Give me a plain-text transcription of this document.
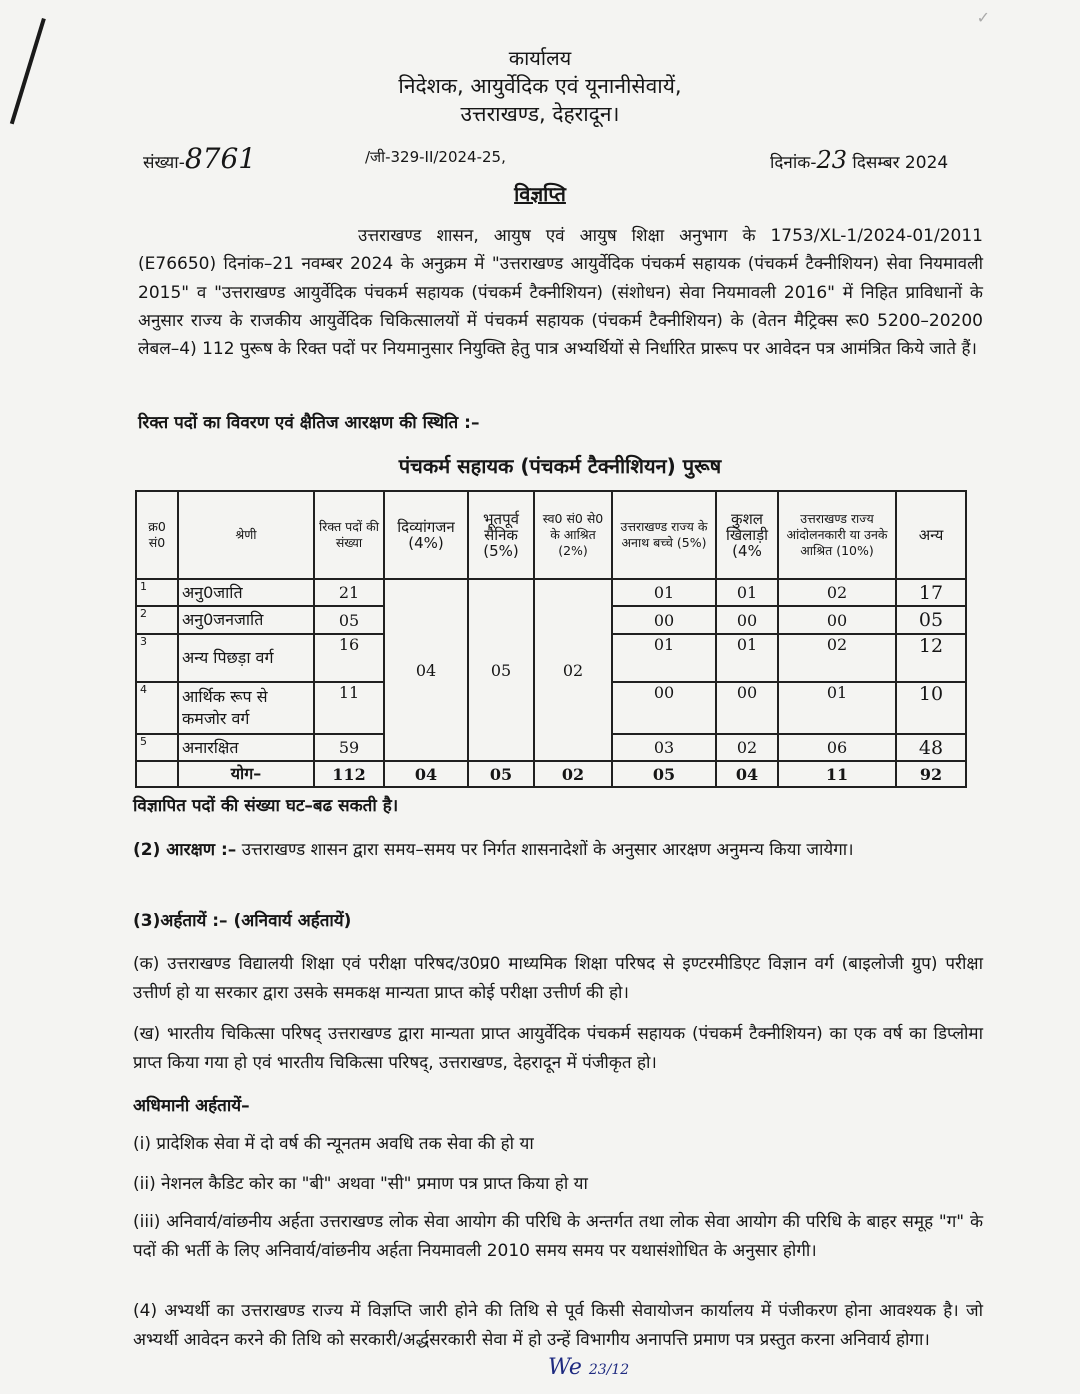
✓
कार्यालय
निदेशक, आयुर्वेदिक एवं यूनानीसेवायें,
उत्तराखण्ड, देहरादून।
संख्या-8761	/जी-329-II/2024-25,	दिनांक-23 दिसम्बर 2024
विज्ञप्ति
उत्तराखण्ड शासन, आयुष एवं आयुष शिक्षा अनुभाग के 1753/XL-1/2024-01/2011 (E76650) दिनांक–21 नवम्बर 2024 के अनुक्रम में "उत्तराखण्ड आयुर्वेदिक पंचकर्म सहायक (पंचकर्म टैक्नीशियन) सेवा नियमावली 2015" व "उत्तराखण्ड आयुर्वेदिक पंचकर्म सहायक (पंचकर्म टैक्नीशियन) (संशोधन) सेवा नियमावली 2016" में निहित प्राविधानों के अनुसार राज्य के राजकीय आयुर्वेदिक चिकित्सालयों में पंचकर्म सहायक (पंचकर्म टैक्नीशियन) के (वेतन मैट्रिक्स रू0 5200–20200 लेबल–4) 112 पुरूष के रिक्त पदों पर नियमानुसार नियुक्ति हेतु पात्र अभ्यर्थियों से निर्धारित प्रारूप पर आवेदन पत्र आमंत्रित किये जाते हैं।
रिक्त पदों का विवरण एवं क्षैतिज आरक्षण की स्थिति :–
पंचकर्म सहायक (पंचकर्म टैक्नीशियन) पुरूष
क्र0 सं0	श्रेणी	रिक्त पदों की संख्या	दिव्यांगजन (4%)	भूतपूर्व सैनिक (5%)	स्व0 सं0 से0 के आश्रित (2%)	उत्तराखण्ड राज्य के अनाथ बच्चे (5%)	कुशल खिलाड़ी (4%	उत्तराखण्ड राज्य आंदोलनकारी या उनके आश्रित (10%)	अन्य
1	अनु0जाति	21	04	05	02	01	01	02	17
2	अनु0जनजाति	05				00	00	00	05
3	अन्य पिछड़ा वर्ग	16				01	01	02	12
4	आर्थिक रूप से कमजोर वर्ग	11				00	00	01	10
5	अनारक्षित	59				03	02	06	48
	योग–	112	04	05	02	05	04	11	92
विज्ञापित पदों की संख्या घट–बढ सकती है।
(2) आरक्षण :– उत्तराखण्ड शासन द्वारा समय–समय पर निर्गत शासनादेशों के अनुसार आरक्षण अनुमन्य किया जायेगा।
(3)अर्हतायें :– (अनिवार्य अर्हतायें)
(क) उत्तराखण्ड विद्यालयी शिक्षा एवं परीक्षा परिषद/उ0प्र0 माध्यमिक शिक्षा परिषद से इण्टरमीडिएट विज्ञान वर्ग (बाइलोजी ग्रुप) परीक्षा उत्तीर्ण हो या सरकार द्वारा उसके समकक्ष मान्यता प्राप्त कोई परीक्षा उत्तीर्ण की हो।
(ख) भारतीय चिकित्सा परिषद् उत्तराखण्ड द्वारा मान्यता प्राप्त आयुर्वेदिक पंचकर्म सहायक (पंचकर्म टैक्नीशियन) का एक वर्ष का डिप्लोमा प्राप्त किया गया हो एवं भारतीय चिकित्सा परिषद्, उत्तराखण्ड, देहरादून में पंजीकृत हो।
अधिमानी अर्हतायें–
(i) प्रादेशिक सेवा में दो वर्ष की न्यूनतम अवधि तक सेवा की हो या
(ii) नेशनल कैडिट कोर का "बी" अथवा "सी" प्रमाण पत्र प्राप्त किया हो या
(iii) अनिवार्य/वांछनीय अर्हता उत्तराखण्ड लोक सेवा आयोग की परिधि के अन्तर्गत तथा लोक सेवा आयोग की परिधि के बाहर समूह "ग" के पदों की भर्ती के लिए अनिवार्य/वांछनीय अर्हता नियमावली 2010 समय समय पर यथासंशोधित के अनुसार होगी।
(4) अभ्यर्थी का उत्तराखण्ड राज्य में विज्ञप्ति जारी होने की तिथि से पूर्व किसी सेवायोजन कार्यालय में पंजीकरण होना आवश्यक है। जो अभ्यर्थी आवेदन करने की तिथि को सरकारी/अर्द्धसरकारी सेवा में हो उन्हें विभागीय अनापत्ति प्रमाण पत्र प्रस्तुत करना अनिवार्य होगा।
We 23/12
